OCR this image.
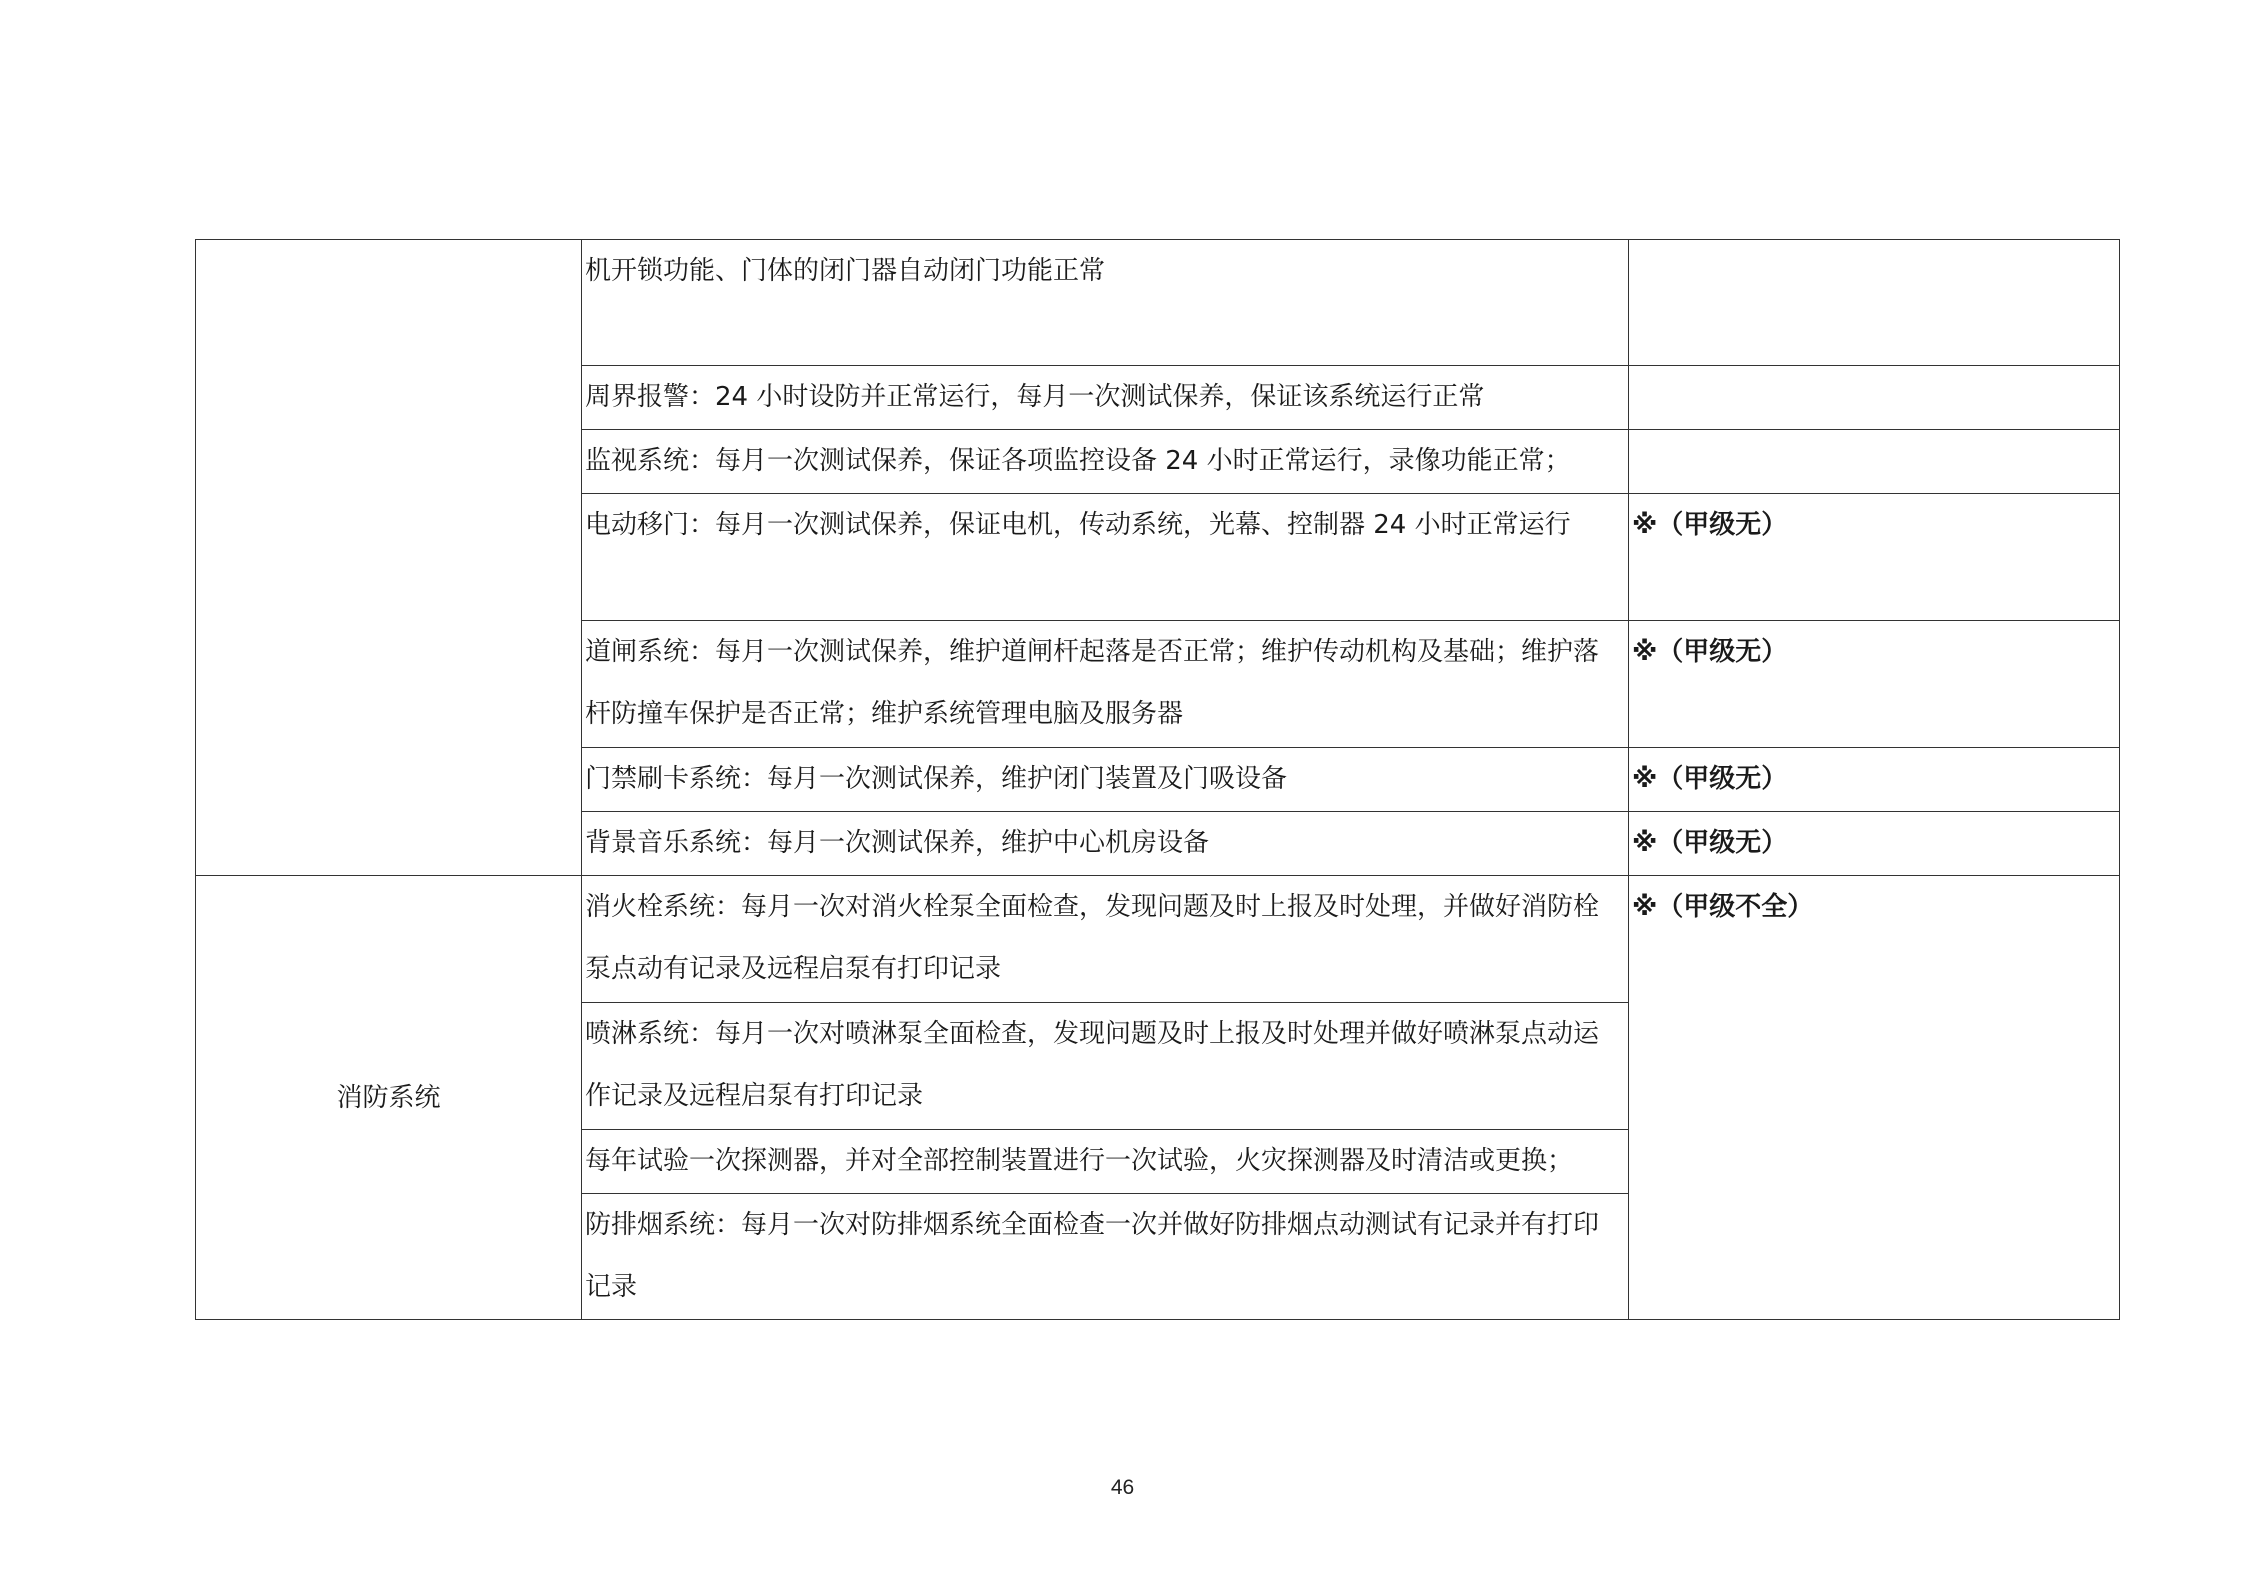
	机开锁功能、门体的闭门器自动闭门功能正常	

	周界报警：24 小时设防并正常运行，每月一次测试保养，保证该系统运行正常	

	监视系统：每月一次测试保养，保证各项监控设备 24 小时正常运行，录像功能正常；	

	电动移门：每月一次测试保养，保证电机，传动系统，光幕、控制器 24 小时正常运行	※（甲级无）

	道闸系统：每月一次测试保养，维护道闸杆起落是否正常；维护传动机构及基础；维护落杆防撞车保护是否正常；维护系统管理电脑及服务器	※（甲级无）

	门禁刷卡系统：每月一次测试保养，维护闭门装置及门吸设备	※（甲级无）

	背景音乐系统：每月一次测试保养，维护中心机房设备	※（甲级无）

消防系统	消火栓系统：每月一次对消火栓泵全面检查，发现问题及时上报及时处理，并做好消防栓泵点动有记录及远程启泵有打印记录	※（甲级不全）

	喷淋系统：每月一次对喷淋泵全面检查，发现问题及时上报及时处理并做好喷淋泵点动运作记录及远程启泵有打印记录	

	每年试验一次探测器，并对全部控制装置进行一次试验，火灾探测器及时清洁或更换；	

	防排烟系统：每月一次对防排烟系统全面检查一次并做好防排烟点动测试有记录并有打印记录	
46
